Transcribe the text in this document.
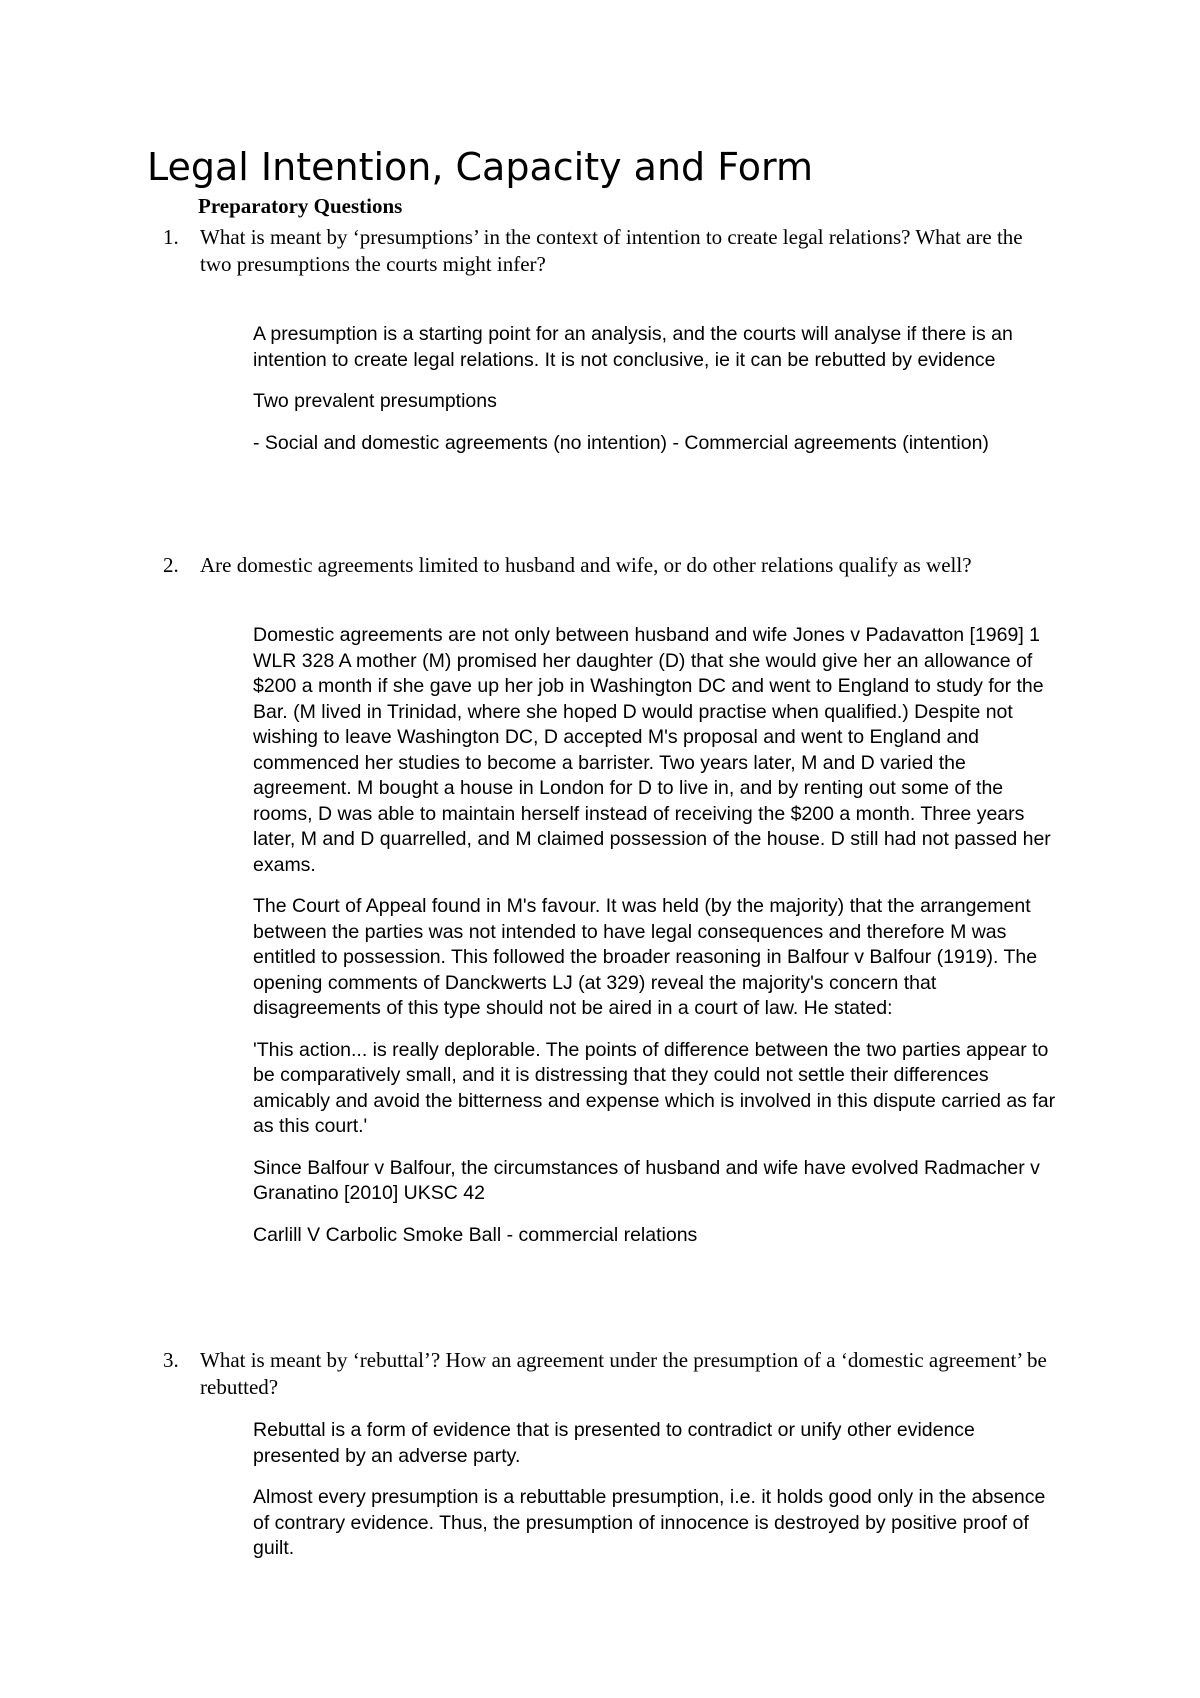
Legal Intention, Capacity and Form
Preparatory Questions
1. What is meant by ‘presumptions’ in the context of intention to create legal relations? What are the two presumptions the courts might infer?

A presumption is a starting point for an analysis, and the courts will analyse if there is an intention to create legal relations. It is not conclusive, ie it can be rebutted by evidence

Two prevalent presumptions

- Social and domestic agreements (no intention) - Commercial agreements (intention)

2. Are domestic agreements limited to husband and wife, or do other relations qualify as well?

Domestic agreements are not only between husband and wife Jones v Padavatton [1969] 1 WLR 328 A mother (M) promised her daughter (D) that she would give her an allowance of $200 a month if she gave up her job in Washington DC and went to England to study for the Bar. (M lived in Trinidad, where she hoped D would practise when qualified.) Despite not wishing to leave Washington DC, D accepted M's proposal and went to England and commenced her studies to become a barrister. Two years later, M and D varied the agreement. M bought a house in London for D to live in, and by renting out some of the rooms, D was able to maintain herself instead of receiving the $200 a month. Three years later, M and D quarrelled, and M claimed possession of the house. D still had not passed her exams.

The Court of Appeal found in M's favour. It was held (by the majority) that the arrangement between the parties was not intended to have legal consequences and therefore M was entitled to possession. This followed the broader reasoning in Balfour v Balfour (1919). The opening comments of Danckwerts LJ (at 329) reveal the majority's concern that disagreements of this type should not be aired in a court of law. He stated:

'This action... is really deplorable. The points of difference between the two parties appear to be comparatively small, and it is distressing that they could not settle their differences amicably and avoid the bitterness and expense which is involved in this dispute carried as far as this court.'

Since Balfour v Balfour, the circumstances of husband and wife have evolved Radmacher v Granatino [2010] UKSC 42

Carlill V Carbolic Smoke Ball - commercial relations

3. What is meant by ‘rebuttal’? How an agreement under the presumption of a ‘domestic agreement’ be rebutted?

Rebuttal is a form of evidence that is presented to contradict or unify other evidence presented by an adverse party.

Almost every presumption is a rebuttable presumption, i.e. it holds good only in the absence of contrary evidence. Thus, the presumption of innocence is destroyed by positive proof of guilt.
